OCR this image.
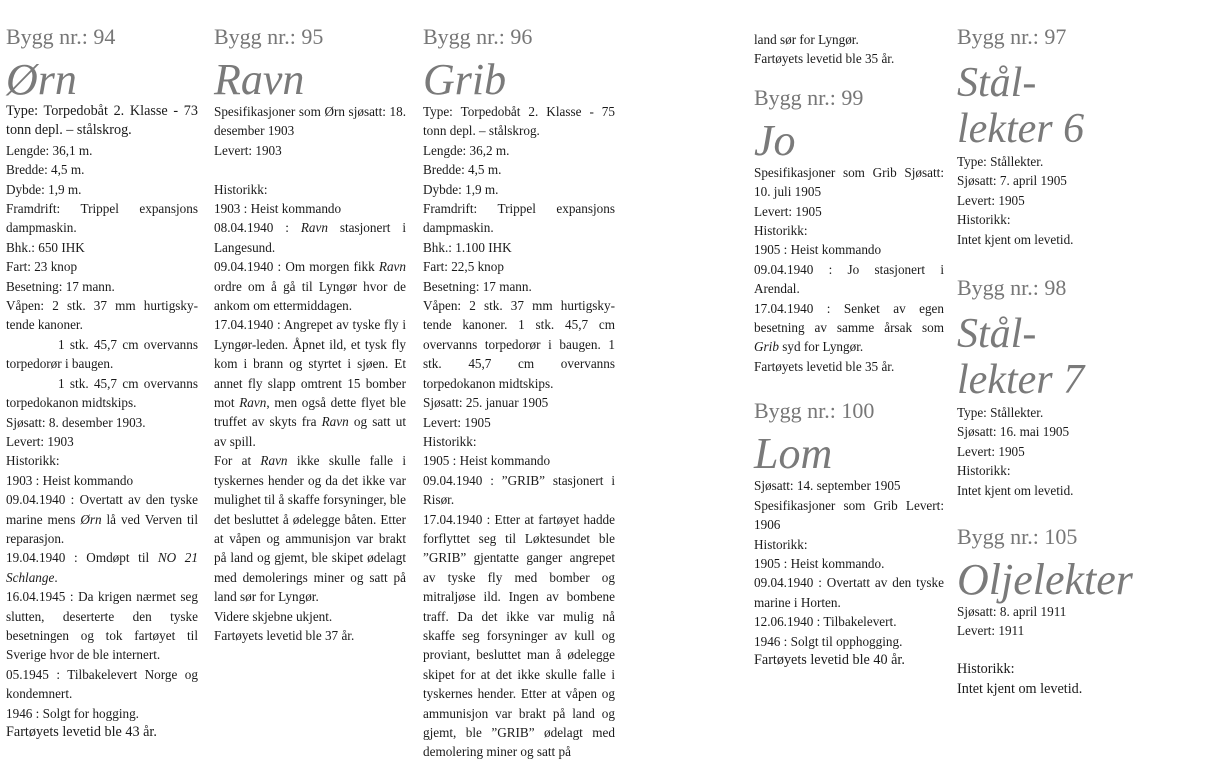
Bygg nr.: 94
Ørn

Type: Torpedobåt 2. Klasse - 73 tonn depl. – stålskrog.

Lengde: 36,1 m.

Bredde: 4,5 m.

Dybde: 1,9 m.

Framdrift: Trippel expansjons dampmaskin.

Bhk.: 650 IHK

Fart: 23 knop

Besetning: 17 mann.

Våpen: 2 stk. 37 mm hurtigsky-tende kanoner.

1 stk. 45,7 cm overvanns torpedorør i baugen.

1 stk. 45,7 cm overvanns torpedokanon midtskips.

Sjøsatt: 8. desember 1903.

Levert: 1903

Historikk:

1903 : Heist kommando

09.04.1940 : Overtatt av den tyske marine mens Ørn lå ved Verven til reparasjon.

19.04.1940 : Omdøpt til NO 21 Schlange.

16.04.1945 : Da krigen nærmet seg slutten, deserterte den tyske besetningen og tok fartøyet til Sverige hvor de ble internert.

05.1945 : Tilbakelevert Norge og kondemnert.

1946 : Solgt for hogging.

Fartøyets levetid ble 43 år.

Bygg nr.: 95
Ravn

Spesifikasjoner som Ørn sjøsatt: 18. desember 1903

Levert: 1903

Historikk:

1903 : Heist kommando

08.04.1940 : Ravn stasjonert i Langesund.

09.04.1940 : Om morgen fikk Ravn ordre om å gå til Lyngør hvor de ankom om ettermiddagen.

17.04.1940 : Angrepet av tyske fly i Lyngør-leden. Åpnet ild, et tysk fly kom i brann og styrtet i sjøen. Et annet fly slapp omtrent 15 bomber mot Ravn, men også dette flyet ble truffet av skyts fra Ravn og satt ut av spill.

For at Ravn ikke skulle falle i tyskernes hender og da det ikke var mulighet til å skaffe forsyninger, ble det besluttet å ødelegge båten. Etter at våpen og ammunisjon var brakt på land og gjemt, ble skipet ødelagt med demolerings miner og satt på land sør for Lyngør.

Videre skjebne ukjent.

Fartøyets levetid ble 37 år.

Bygg nr.: 96
Grib

Type: Torpedobåt 2. Klasse - 75 tonn depl. – stålskrog.

Lengde: 36,2 m.

Bredde: 4,5 m.

Dybde: 1,9 m.

Framdrift: Trippel expansjons dampmaskin.

Bhk.: 1.100 IHK

Fart: 22,5 knop

Besetning: 17 mann.

Våpen: 2 stk. 37 mm hurtigsky-tende kanoner. 1 stk. 45,7 cm overvanns torpedorør i baugen. 1 stk. 45,7 cm overvanns torpedokanon midtskips.

Sjøsatt: 25. januar 1905

Levert: 1905

Historikk:

1905 : Heist kommando

09.04.1940 : ”GRIB” stasjonert i Risør.

17.04.1940 : Etter at fartøyet hadde forflyttet seg til Løktesundet ble ”GRIB” gjentatte ganger angrepet av tyske fly med bomber og mitraljøse ild. Ingen av bombene traff. Da det ikke var mulig nå skaffe seg forsyninger av kull og proviant, besluttet man å ødelegge skipet for at det ikke skulle falle i tyskernes hender. Etter at våpen og ammunisjon var brakt på land og gjemt, ble ”GRIB” ødelagt med demolering miner og satt på

land sør for Lyngør.

Fartøyets levetid ble 35 år.

Bygg nr.: 99
Jo

Spesifikasjoner som Grib Sjøsatt: 10. juli 1905

Levert: 1905

Historikk:

1905 : Heist kommando

09.04.1940 : Jo stasjonert i Arendal.

17.04.1940 : Senket av egen besetning av samme årsak som Grib syd for Lyngør.

Fartøyets levetid ble 35 år.

Bygg nr.: 100
Lom

Sjøsatt: 14. september 1905

Spesifikasjoner som Grib Levert: 1906

Historikk:

1905 : Heist kommando.

09.04.1940 : Overtatt av den tyske marine i Horten.

12.06.1940 : Tilbakelevert.

1946 : Solgt til opphogging.

Fartøyets levetid ble 40 år.

Bygg nr.: 97
Stål-
lekter 6

Type: Stållekter.

Sjøsatt: 7. april 1905

Levert: 1905

Historikk:

Intet kjent om levetid.

Bygg nr.: 98
Stål-
lekter 7

Type: Stållekter.

Sjøsatt: 16. mai 1905

Levert: 1905

Historikk:

Intet kjent om levetid.

Bygg nr.: 105
Oljelekter

Sjøsatt: 8. april 1911

Levert: 1911

Historikk:

Intet kjent om levetid.
